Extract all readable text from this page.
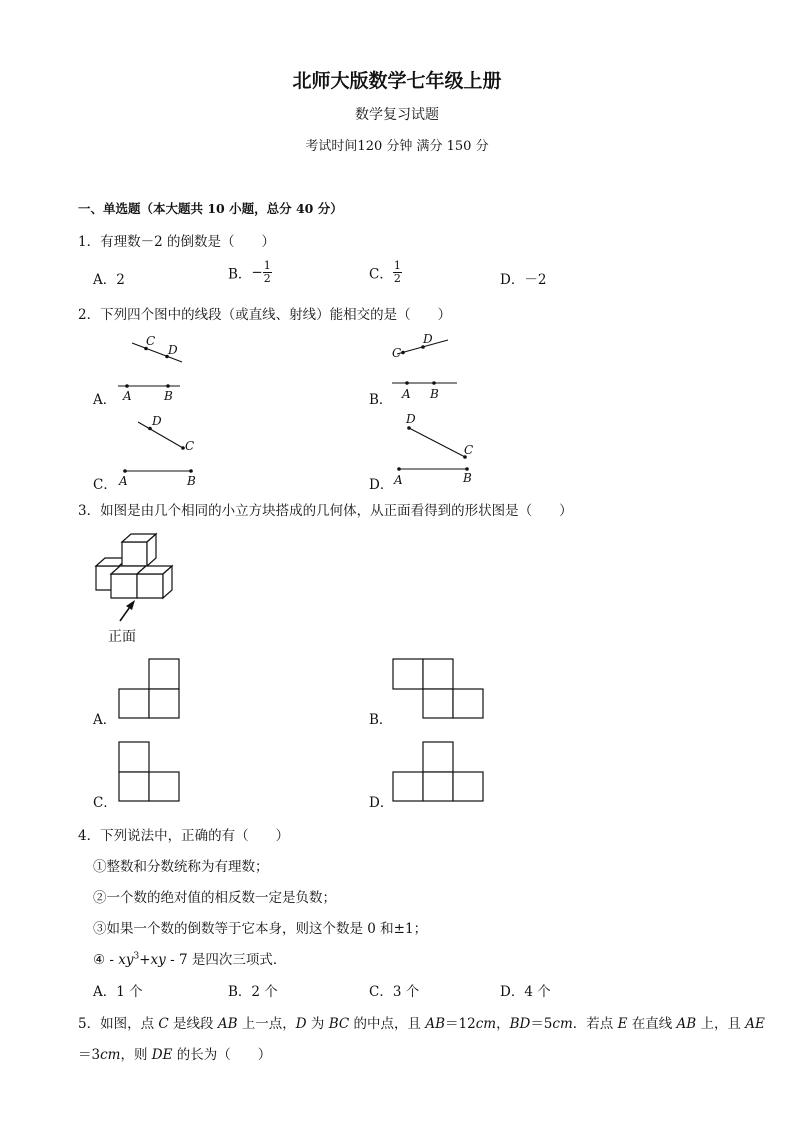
北师大版数学七年级上册
数学复习试题
考试时间120 分钟 满分 150 分
一、单选题（本大题共 10 小题，总分 40 分）
1．有理数－2 的倒数是（　　）
A．2	B．− $\frac{1}{2}$	C． $\frac{1}{2}$	D．－2
2．下列四个图中的线段（或直线、射线）能相交的是（　　）
A．
C
D
A	B	B．
C
D
A B
C．
D
C
A	B	D．
D
C
A	B
3．如图是由几个相同的小立方块搭成的几何体，从正面看得到的形状图是（　　）
正面
A．	B．
C．	D．
4．下列说法中，正确的有（　　）
①整数和分数统称为有理数；
②一个数的绝对值的相反数一定是负数；
③如果一个数的倒数等于它本身，则这个数是 0 和±1；
④ - $xy^3+xy - 7$ 是四次三项式．
A．1 个	B．2 个	C．3 个	D．4 个
5．如图，点 C 是线段 AB 上一点，D 为 BC 的中点，且 AB＝12cm，BD＝5cm．若点 E 在直线 AB 上，且 AE
＝3cm，则 DE 的长为（　　）
